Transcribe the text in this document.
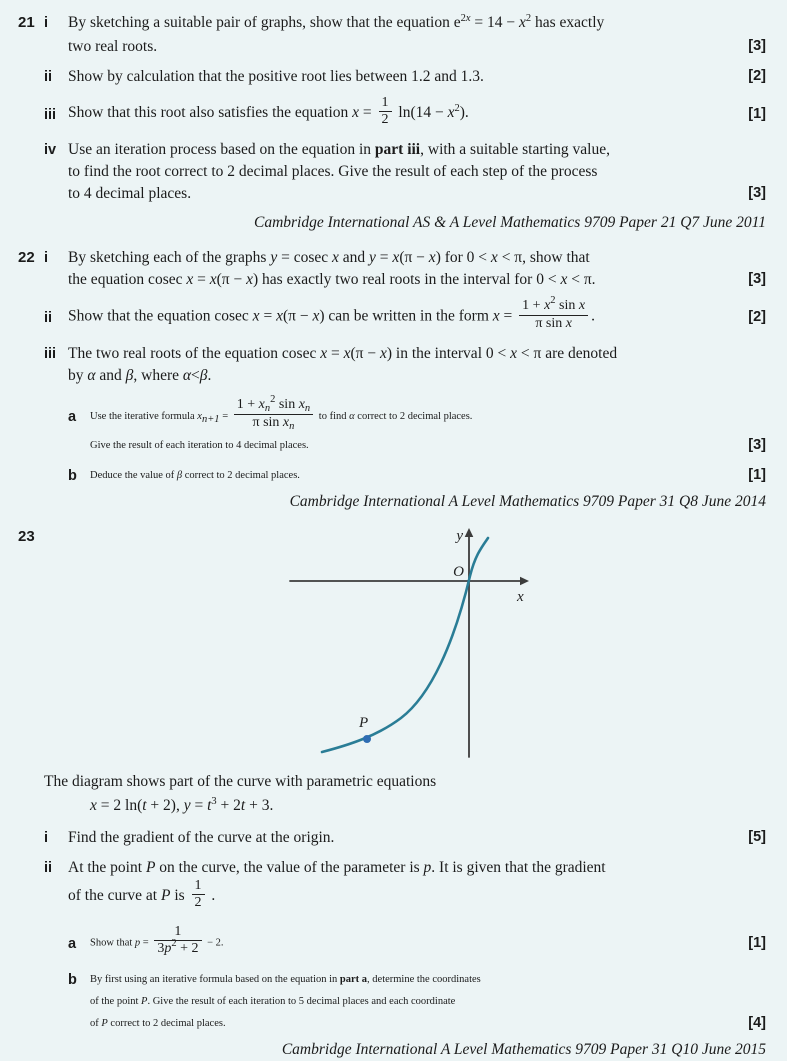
21 i	By sketching a suitable pair of graphs, show that the equation $e^{2x} = 14 - x^2$ has exactly
two real roots.	[3]
ii	Show by calculation that the positive root lies between 1.2 and 1.3.	[2]
iii Show that this root also satisfies the equation $x = \frac{1}{2} \ln(14 - x^2)$.	[1]
iv Use an iteration process based on the equation in part iii, with a suitable starting value,
to find the root correct to 2 decimal places. Give the result of each step of the process
to 4 decimal places.	[3]
Cambridge International AS & A Level Mathematics 9709 Paper 21 Q7 June 2011
22 i	By sketching each of the graphs y = cosec x and y = x(π − x) for 0 < x < π, show that
the equation cosec x = x(π − x) has exactly two real roots in the interval for 0 < x < π.	[3]
ii	Show that the equation cosec x = x(π − x) can be written in the form $x = \frac{1 + x^2 \sin x}{\text{π sin x}}$ .	[2]
iii The two real roots of the equation cosec x = x(π − x) in the interval 0 < x < π are denoted
by α and β, where α<β.
a	Use the iterative formula $xn+1 = \frac{1 + x_n^2 \sin x_n}{\pi \sin x_n}$ to find α correct to 2 decimal places.
Give the result of each iteration to 4 decimal places.	[3]
b	Deduce the value of β correct to 2 decimal places.	[1]
Cambridge International A Level Mathematics 9709 Paper 31 Q8 June 2014
23	y
O
x
P
The diagram shows part of the curve with parametric equations
x = 2 ln(t + 2), $y = t^3 + 2t + 3$.
i	Find the gradient of the curve at the origin.	[5]
ii	At the point P on the curve, the value of the parameter is p. It is given that the gradient
of the curve at P is $\frac{1}{2}$ .
a	Show that $p = \frac{1}{3p^2 + 2} - 2$.	[1]
b	By first using an iterative formula based on the equation in part a, determine the coordinates
of the point P. Give the result of each iteration to 5 decimal places and each coordinate
of P correct to 2 decimal places.	[4]
Cambridge International A Level Mathematics 9709 Paper 31 Q10 June 2015
